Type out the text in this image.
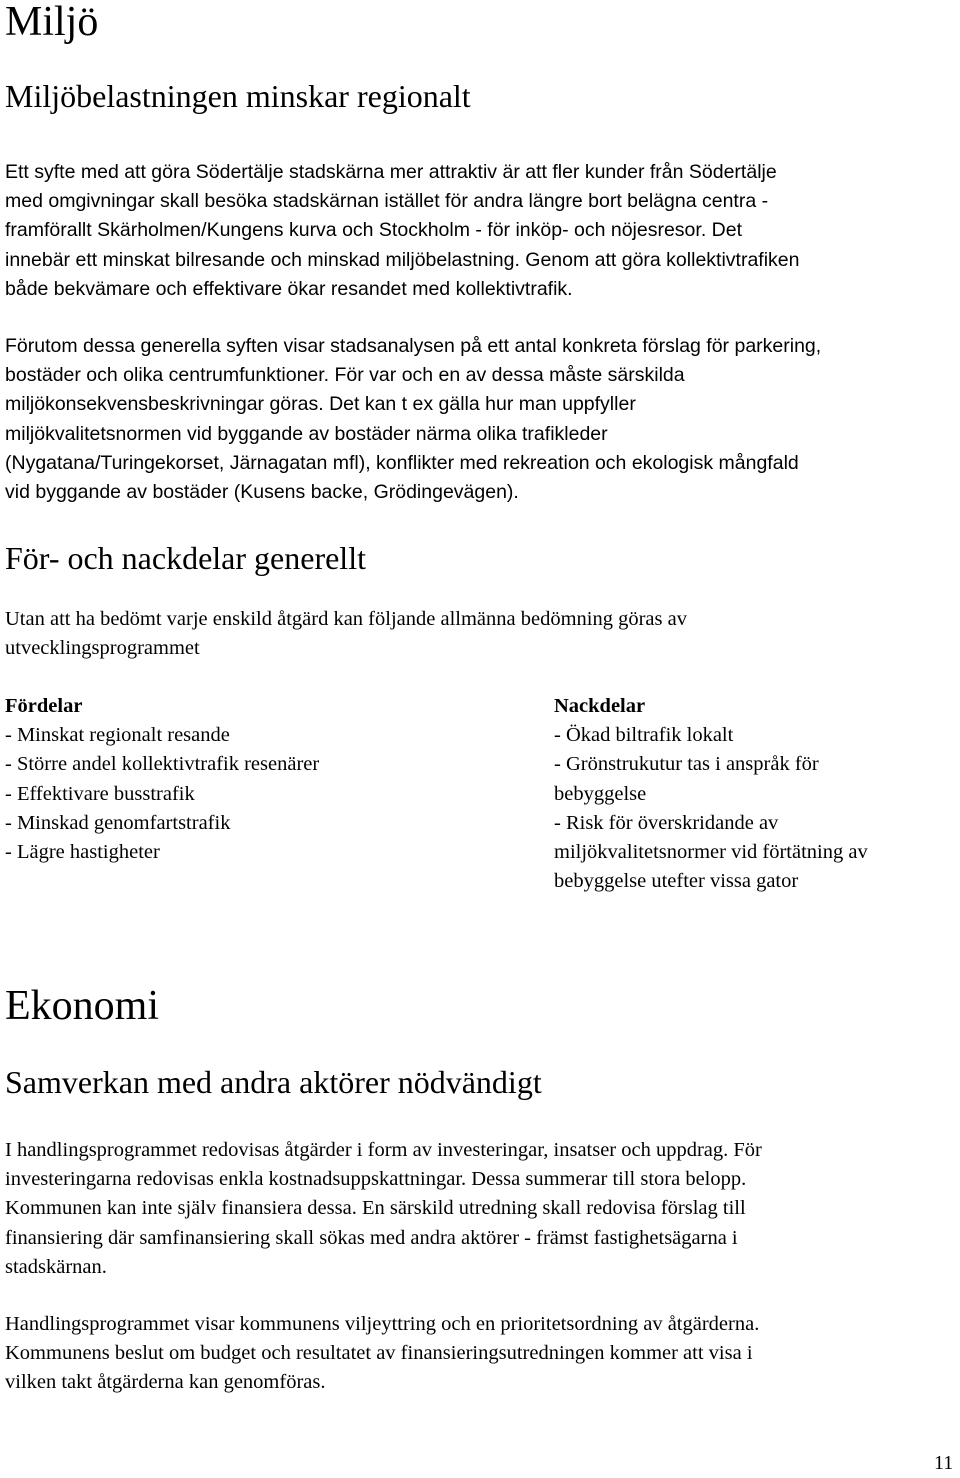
Miljö
Miljöbelastningen minskar regionalt

Ett syfte med att göra Södertälje stadskärna mer attraktiv är att fler kunder från Södertälje
med omgivningar skall besöka stadskärnan istället för andra längre bort belägna centra -
framförallt Skärholmen/Kungens kurva och Stockholm - för inköp- och nöjesresor. Det
innebär ett minskat bilresande och minskad miljöbelastning. Genom att göra kollektivtrafiken
både bekvämare och effektivare ökar resandet med kollektivtrafik.

Förutom dessa generella syften visar stadsanalysen på ett antal konkreta förslag för parkering,
bostäder och olika centrumfunktioner. För var och en av dessa måste särskilda
miljökonsekvensbeskrivningar göras. Det kan t ex gälla hur man uppfyller
miljökvalitetsnormen vid byggande av bostäder närma olika trafikleder
(Nygatana/Turingekorset, Järnagatan mfl), konflikter med rekreation och ekologisk mångfald
vid byggande av bostäder (Kusens backe, Grödingevägen).

För- och nackdelar generellt

Utan att ha bedömt varje enskild åtgärd kan följande allmänna bedömning göras av
utvecklingsprogrammet

Fördelar
- Minskat regionalt resande
- Större andel kollektivtrafik resenärer
- Effektivare busstrafik
- Minskad genomfartstrafik
- Lägre hastigheter
Nackdelar
- Ökad biltrafik lokalt
- Grönstrukutur tas i anspråk för
bebyggelse
- Risk för överskridande av
miljökvalitetsnormer vid förtätning av
bebyggelse utefter vissa gator
Ekonomi
Samverkan med andra aktörer nödvändigt

I handlingsprogrammet redovisas åtgärder i form av investeringar, insatser och uppdrag. För
investeringarna redovisas enkla kostnadsuppskattningar. Dessa summerar till stora belopp.
Kommunen kan inte själv finansiera dessa. En särskild utredning skall redovisa förslag till
finansiering där samfinansiering skall sökas med andra aktörer - främst fastighetsägarna i
stadskärnan.

Handlingsprogrammet visar kommunens viljeyttring och en prioritetsordning av åtgärderna.
Kommunens beslut om budget och resultatet av finansieringsutredningen kommer att visa i
vilken takt åtgärderna kan genomföras.

11
